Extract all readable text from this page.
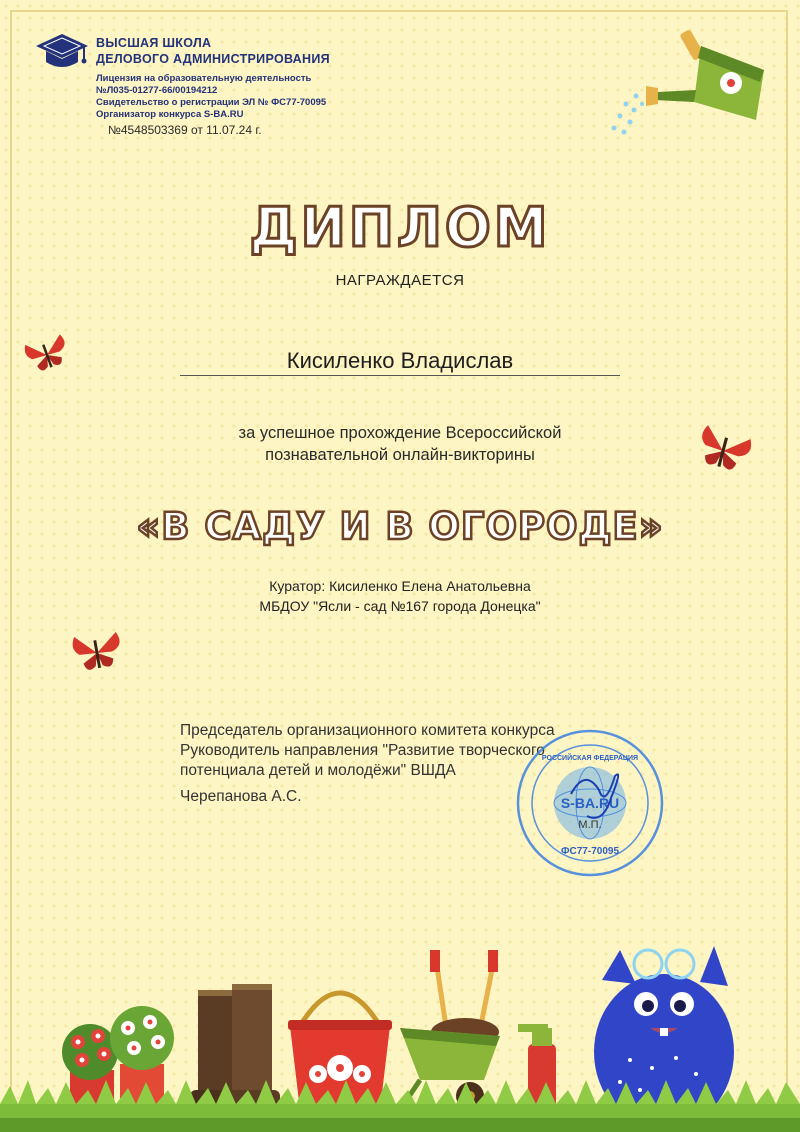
ВЫСШАЯ ШКОЛА
ДЕЛОВОГО АДМИНИСТРИРОВАНИЯ
Лицензия на образовательную деятельность
№Л035-01277-66/00194212
Свидетельство о регистрации ЭЛ № ФС77-70095
Организатор конкурса S-BA.RU
№4548503369 от 11.07.24 г.
ДИПЛОМ
НАГРАЖДАЕТСЯ
Кисиленко Владислав
за успешное прохождение Всероссийской
познавательной онлайн-викторины
«В САДУ И В ОГОРОДЕ»
Куратор: Кисиленко Елена Анатольевна
МБДОУ "Ясли - сад №167 города Донецка"
Председатель организационного комитета конкурса
Руководитель направления "Развитие творческого
потенциала детей и молодёжи" ВШДА
Черепанова А.С.	S-BA.RU
ФС77-70095
РОССИЙСКАЯ ФЕДЕРАЦИЯ
М.П.
